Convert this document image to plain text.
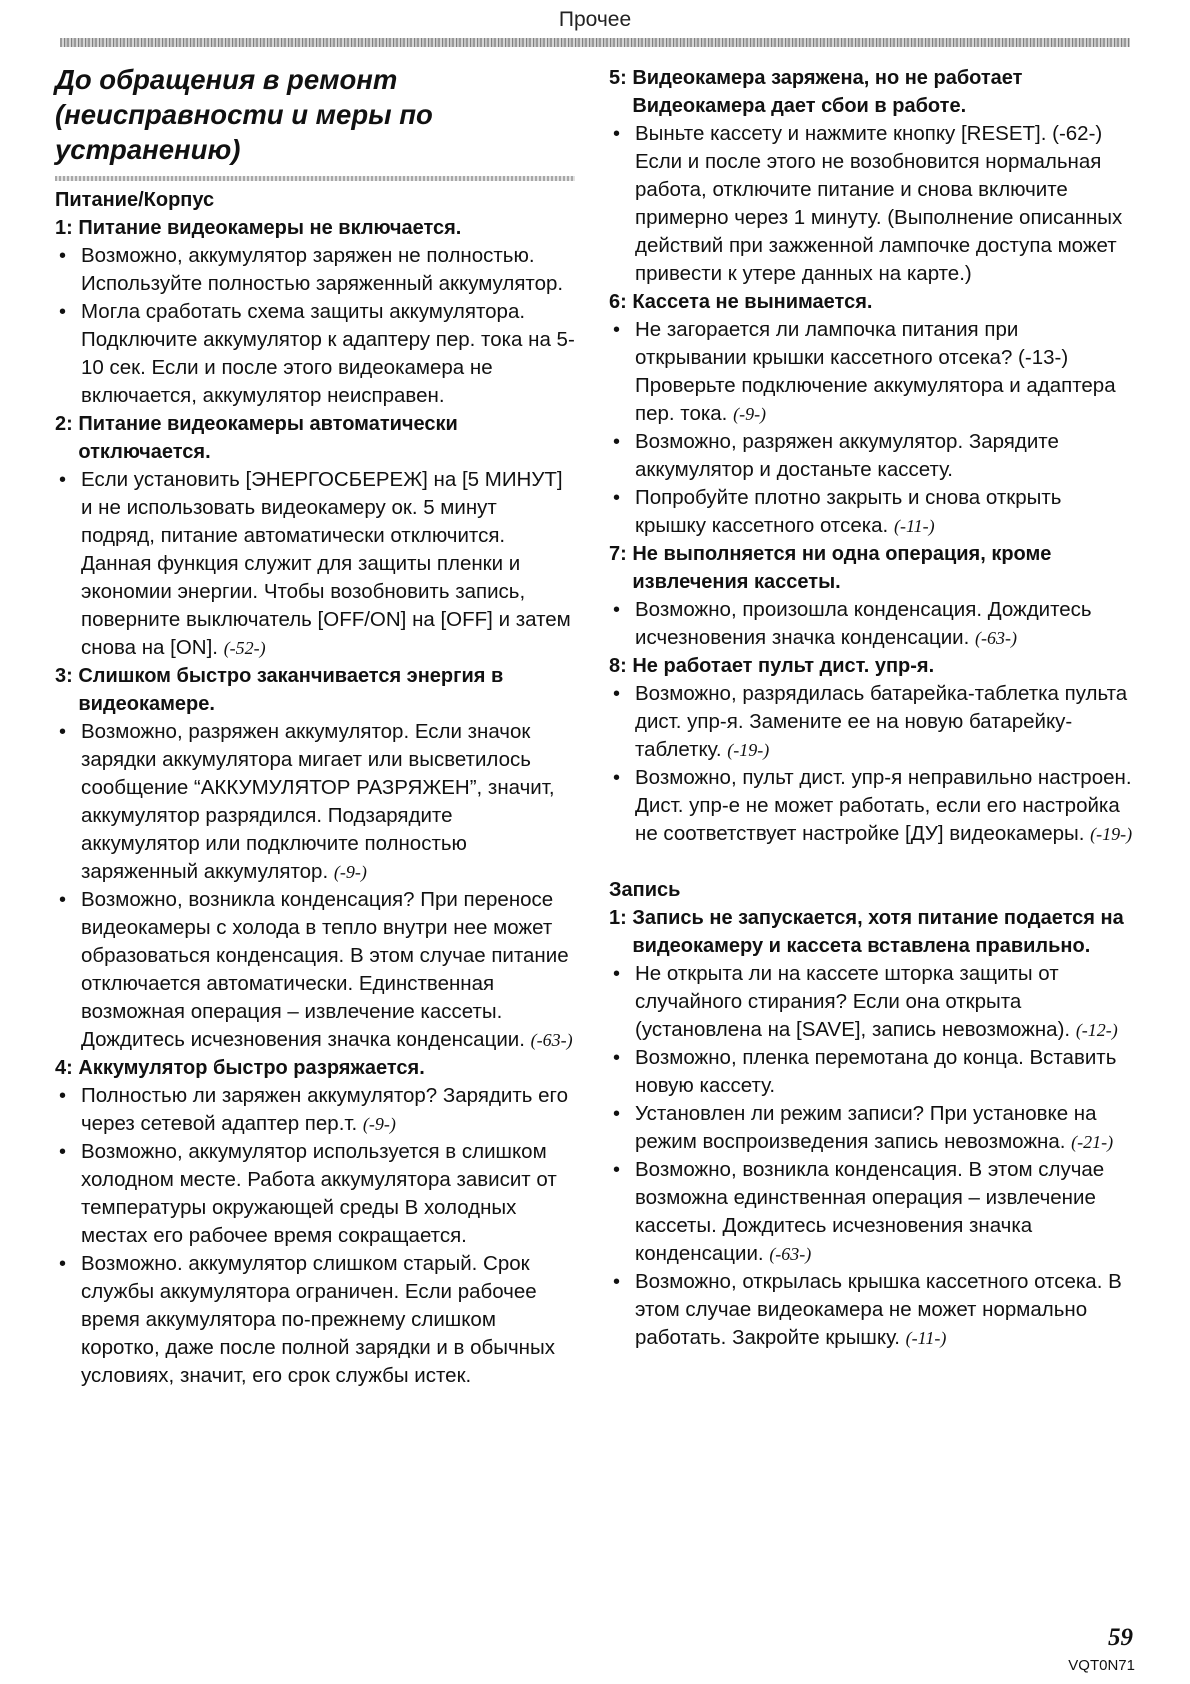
Прочее
До обращения в ремонт (неисправности и меры по устранению)
Питание/Корпус
1:
Питание видеокамеры не включается.
• Возможно, аккумулятор заряжен не полностью. Используйте полностью заряженный аккумулятор.
• Могла сработать схема защиты аккумулятора. Подключите аккумулятор к адаптеру пер. тока на 5-10 сек. Если и после этого видеокамера не включается, аккумулятор неисправен.
2:
Питание видеокамеры автоматически отключается.
• Если установить [ЭНЕРГОСБЕРЕЖ] на [5 МИНУТ] и не использовать видеокамеру ок. 5 минут подряд, питание автоматически отключится. Данная функция служит для защиты пленки и экономии энергии. Чтобы возобновить запись, поверните выключатель [OFF/ON] на [OFF] и затем снова на [ON]. (-52-)
3:
Слишком быстро заканчивается энергия в видеокамере.
• Возможно, разряжен аккумулятор. Если значок зарядки аккумулятора мигает или высветилось сообщение “АККУМУЛЯТОР РАЗРЯЖЕН”, значит, аккумулятор разрядился. Подзарядите аккумулятор или подключите полностью заряженный аккумулятор. (-9-)
• Возможно, возникла конденсация? При переносе видеокамеры с холода в тепло внутри нее может образоваться конденсация. В этом случае питание отключается автоматически. Единственная возможная операция – извлечение кассеты. Дождитесь исчезновения значка конденсации. (-63-)
4:
Аккумулятор быстро разряжается.
• Полностью ли заряжен аккумулятор? Зарядить его через сетевой адаптер пер.т. (-9-)
• Возможно, аккумулятор используется в слишком холодном месте. Работа аккумулятора зависит от температуры окружающей среды В холодных местах его рабочее время сокращается.
• Возможно. аккумулятор слишком старый. Срок службы аккумулятора ограничен. Если рабочее время аккумулятора по-прежнему слишком коротко, даже после полной зарядки и в обычных условиях, значит, его срок службы истек.
5:
Видеокамера заряжена, но не работает Видеокамера дает сбои в работе.
• Выньте кассету и нажмите кнопку [RESET]. (-62-) Если и после этого не возобновится нормальная работа, отключите питание и снова включите примерно через 1 минуту. (Выполнение описанных действий при зажженной лампочке доступа может привести к утере данных на карте.)
6:
Кассета не вынимается.
• Не загорается ли лампочка питания при открывании крышки кассетного отсека? (-13-) Проверьте подключение аккумулятора и адаптера пер. тока. (-9-)
• Возможно, разряжен аккумулятор. Зарядите аккумулятор и достаньте кассету.
• Попробуйте плотно закрыть и снова открыть крышку кассетного отсека. (-11-)
7:
Не выполняется ни одна операция, кроме извлечения кассеты.
• Возможно, произошла конденсация. Дождитесь исчезновения значка конденсации. (-63-)
8:
Не работает пульт дист. упр-я.
• Возможно, разрядилась батарейка-таблетка пульта дист. упр-я. Замените ее на новую батарейку-таблетку. (-19-)
• Возможно, пульт дист. упр-я неправильно настроен. Дист. упр-е не может работать, если его настройка не соответствует настройке [ДУ] видеокамеры. (-19-)
Запись
1:
Запись не запускается, хотя питание подается на видеокамеру и кассета вставлена правильно.
• Не открыта ли на кассете шторка защиты от случайного стирания? Если она открыта (установлена на [SAVE], запись невозможна). (-12-)
• Возможно, пленка перемотана до конца. Вставить новую кассету.
• Установлен ли режим записи? При установке на режим воспроизведения запись невозможна. (-21-)
• Возможно, возникла конденсация. В этом случае возможна единственная операция – извлечение кассеты. Дождитесь исчезновения значка конденсации. (-63-)
• Возможно, открылась крышка кассетного отсека. В этом случае видеокамера не может нормально работать. Закройте крышку. (-11-)
59
VQT0N71
